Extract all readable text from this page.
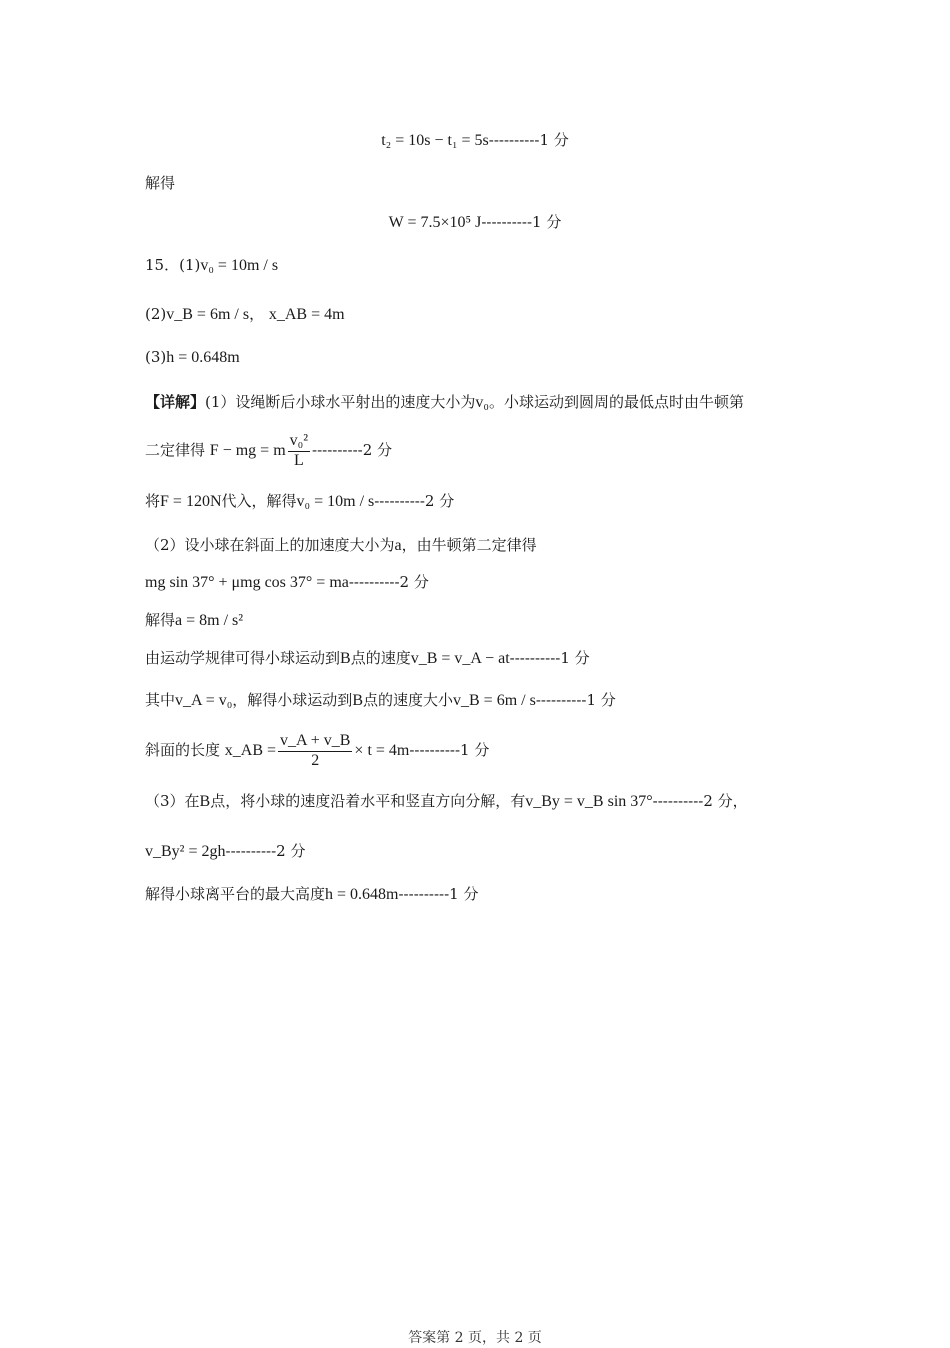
t₂ = 10s − t₁ = 5s----------1 分
解得
W = 7.5×10⁵ J----------1 分
15．(1)v₀ = 10m / s
(2)v_B = 6m / s， x_AB = 4m
(3)h = 0.648m
【详解】(1）设绳断后小球水平射出的速度大小为v₀。小球运动到圆周的最低点时由牛顿第
二定律得 F − mg = m $\frac{\text{v₀²}}{L} ----------2$ 分
将F = 120N代入，解得v₀ = 10m / s----------2 分
（2）设小球在斜面上的加速度大小为a，由牛顿第二定律得
mg sin 37° + μmg cos 37° = ma----------2 分
解得a = 8m / s²
由运动学规律可得小球运动到B点的速度v_B = v_A − at----------1 分
其中v_A = v₀，解得小球运动到B点的速度大小v_B = 6m / s----------1 分
斜面的长度 x_AB = $\frac{v\_A + v\_B}{2} \times t = 4m----------1$ 分
（3）在B点，将小球的速度沿着水平和竖直方向分解，有v_By = v_B sin 37°----------2 分，
v_By² = 2gh----------2 分
解得小球离平台的最大高度h = 0.648m----------1 分
答案第 2 页，共 2 页
